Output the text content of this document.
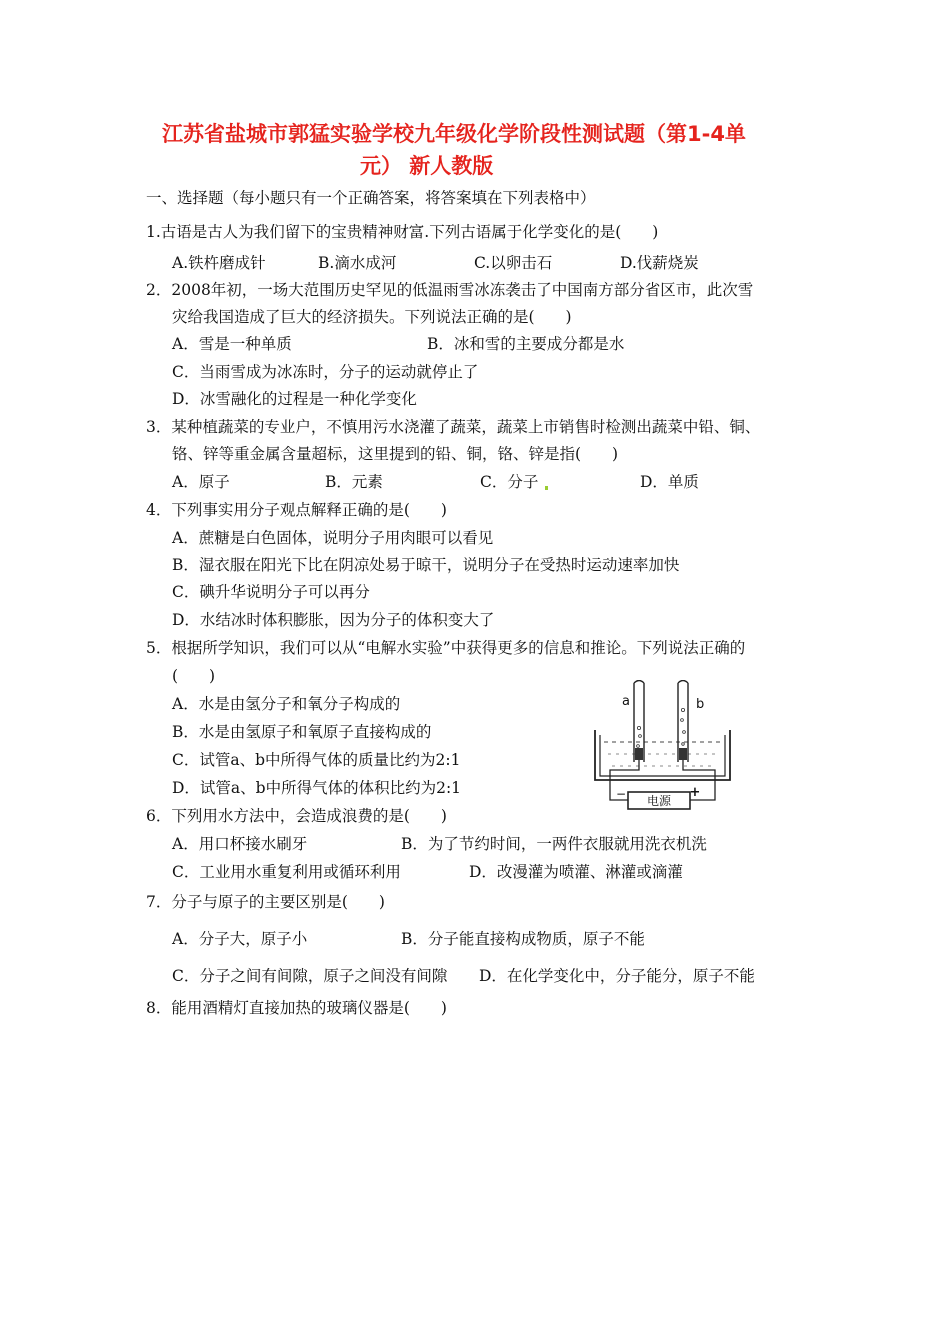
江苏省盐城市郭猛实验学校九年级化学阶段性测试题（第1-4单
元） 新人教版
一、选择题（每小题只有一个正确答案，将答案填在下列表格中）
1.古语是古人为我们留下的宝贵精神财富.下列古语属于化学变化的是(　　)
A.铁杵磨成针	B.滴水成河	C.以卵击石	D.伐薪烧炭
2．2008年初，一场大范围历史罕见的低温雨雪冰冻袭击了中国南方部分省区市，此次雪
灾给我国造成了巨大的经济损失。下列说法正确的是(　　)
A．雪是一种单质	B．冰和雪的主要成分都是水
C．当雨雪成为冰冻时，分子的运动就停止了
D．冰雪融化的过程是一种化学变化
3．某种植蔬菜的专业户，不慎用污水浇灌了蔬菜，蔬菜上市销售时检测出蔬菜中铅、铜、
铬、锌等重金属含量超标，这里提到的铅、铜，铬、锌是指(　　)
A．原子	B．元素	C．分子	D．单质
4．下列事实用分子观点解释正确的是(　　)
A．蔗糖是白色固体，说明分子用肉眼可以看见
B．湿衣服在阳光下比在阴凉处易于晾干，说明分子在受热时运动速率加快
C．碘升华说明分子可以再分
D．水结冰时体积膨胀，因为分子的体积变大了
5．根据所学知识，我们可以从“电解水实验”中获得更多的信息和推论。下列说法正确的
(　　)
A．水是由氢分子和氧分子构成的
B．水是由氢原子和氧原子直接构成的
C．试管a、b中所得气体的质量比约为2:1
D．试管a、b中所得气体的体积比约为2:1
电源
−	+
a	b
6．下列用水方法中，会造成浪费的是(　　)
A．用口杯接水刷牙	B．为了节约时间，一两件衣服就用洗衣机洗
C．工业用水重复利用或循环利用	D．改漫灌为喷灌、淋灌或滴灌
7．分子与原子的主要区别是(　　)
A．分子大，原子小	B．分子能直接构成物质，原子不能
C．分子之间有间隙，原子之间没有间隙 D．在化学变化中，分子能分，原子不能
8．能用酒精灯直接加热的玻璃仪器是(　　)
